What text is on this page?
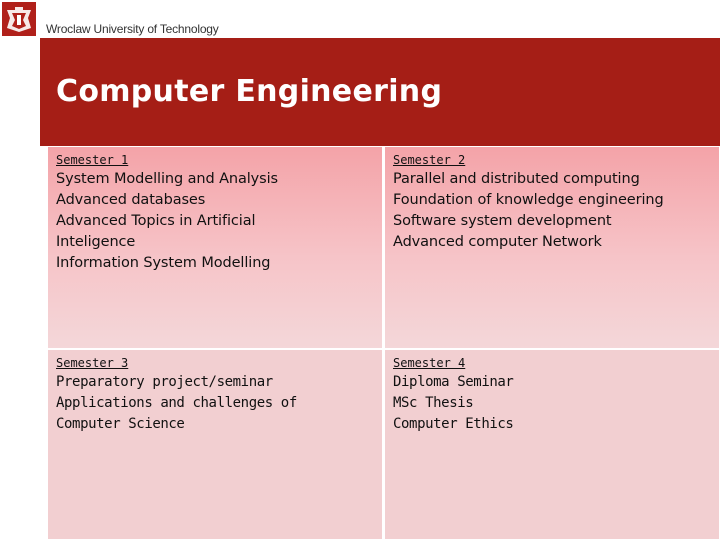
Wroclaw University of Technology
Computer Engineering
Semester 1
System Modelling and Analysis
Advanced databases
Advanced Topics in Artificial
Inteligence
Information System Modelling
Semester 2
Parallel and distributed computing
Foundation of knowledge engineering
Software system development
Advanced computer Network
Semester 3
Preparatory project/seminar
Applications and challenges of
Computer Science
Semester 4
Diploma Seminar
MSc Thesis
Computer Ethics
